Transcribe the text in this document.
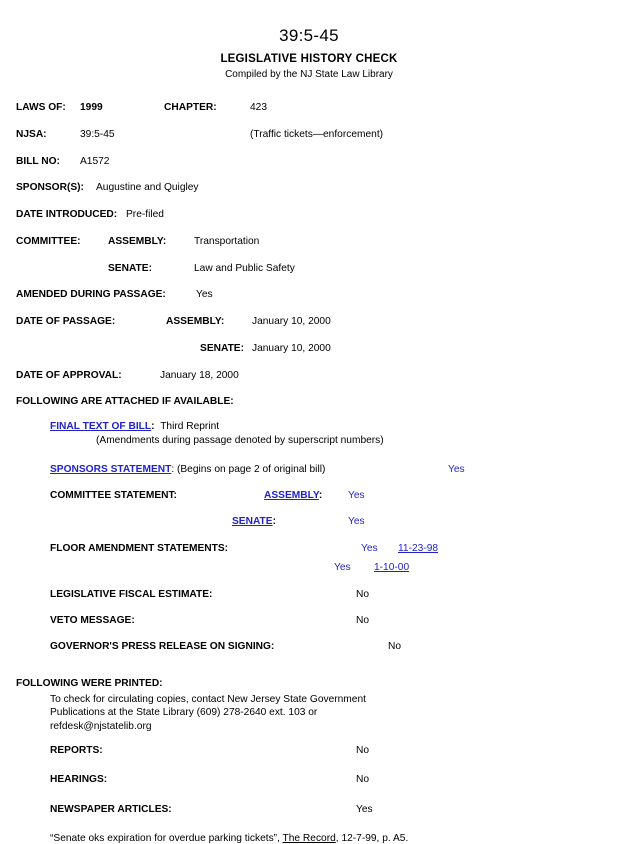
39:5-45
LEGISLATIVE HISTORY CHECK
Compiled by the NJ State Law Library
LAWS OF: 1999	CHAPTER:	423
NJSA:	39:5-45	(Traffic tickets—enforcement)
BILL NO: A1572
SPONSOR(S): Augustine and Quigley
DATE INTRODUCED: Pre-filed
COMMITTEE:	ASSEMBLY:	Transportation
SENATE:	Law and Public Safety
AMENDED DURING PASSAGE:	Yes
DATE OF PASSAGE:	ASSEMBLY:	January 10, 2000
SENATE: January 10, 2000
DATE OF APPROVAL:	January 18, 2000
FOLLOWING ARE ATTACHED IF AVAILABLE:
FINAL TEXT OF BILL: Third Reprint
(Amendments during passage denoted by superscript numbers)
SPONSORS STATEMENT: (Begins on page 2 of original bill)	Yes
COMMITTEE STATEMENT:	ASSEMBLY:	Yes
SENATE:	Yes

FLOOR AMENDMENT STATEMENTS:	Yes 11-23-98
Yes 1-10-00
LEGISLATIVE FISCAL ESTIMATE:	No
VETO MESSAGE:	No
GOVERNOR'S PRESS RELEASE ON SIGNING:	No
FOLLOWING WERE PRINTED:
To check for circulating copies, contact New Jersey State Government
Publications at the State Library (609) 278-2640 ext. 103 or
refdesk@njstatelib.org
REPORTS:	No
HEARINGS:	No
NEWSPAPER ARTICLES:	Yes
“Senate oks expiration for overdue parking tickets”, The Record, 12-7-99, p. A5.
